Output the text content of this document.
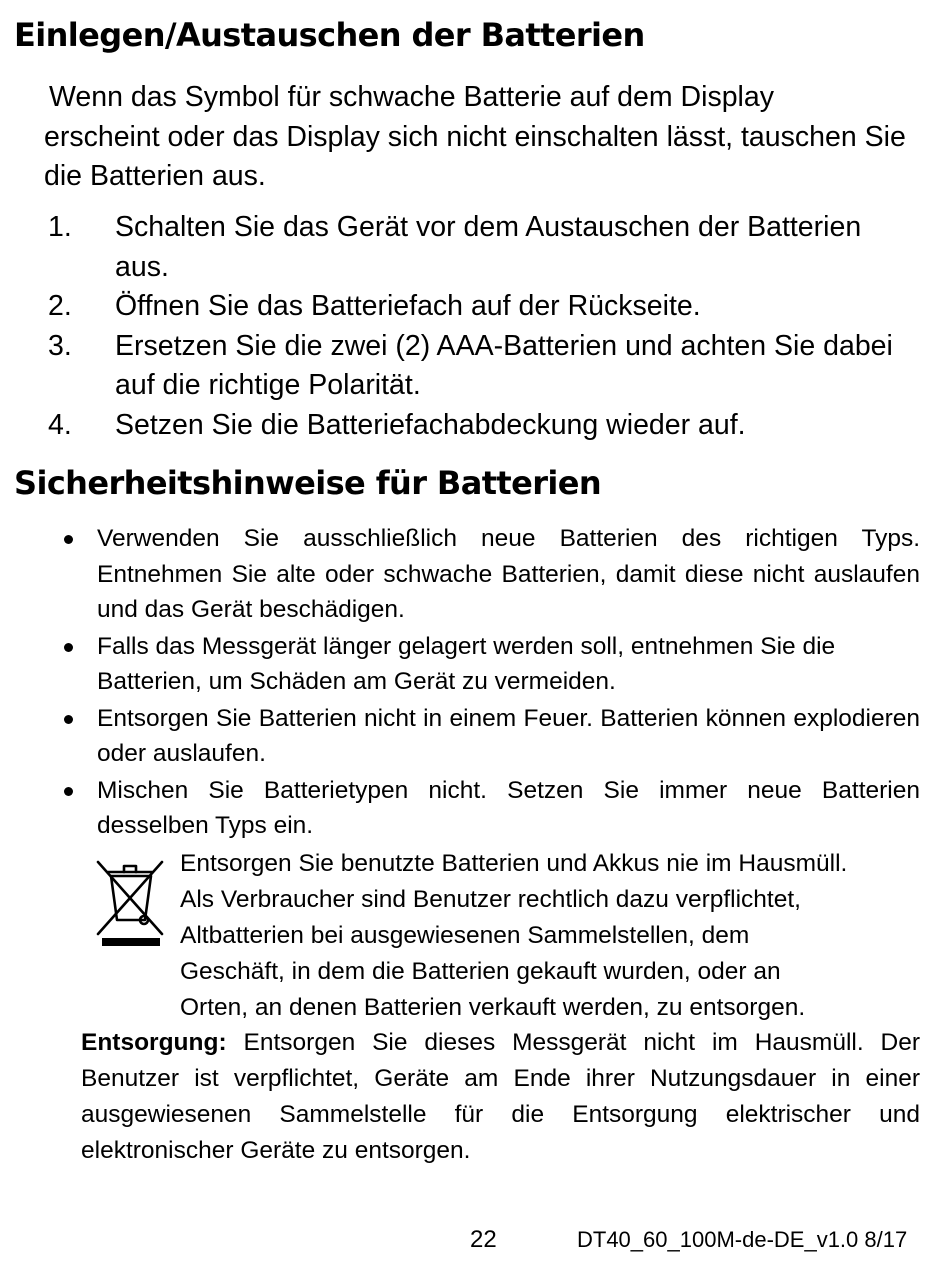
Einlegen/Austauschen der Batterien

Wenn das Symbol für schwache Batterie auf dem Display
erscheint oder das Display sich nicht einschalten lässt, tauschen Sie die Batterien aus.

1. Schalten Sie das Gerät vor dem Austauschen der Batterien aus.
2. Öffnen Sie das Batteriefach auf der Rückseite.
3. Ersetzen Sie die zwei (2) AAA-Batterien und achten Sie dabei auf die richtige Polarität.
4. Setzen Sie die Batteriefachabdeckung wieder auf.
Sicherheitshinweise für Batterien
Verwenden Sie ausschließlich neue Batterien des richtigen Typs. Entnehmen Sie alte oder schwache Batterien, damit diese nicht auslaufen und das Gerät beschädigen.
Falls das Messgerät länger gelagert werden soll, entnehmen Sie die Batterien, um Schäden am Gerät zu vermeiden.
Entsorgen Sie Batterien nicht in einem Feuer. Batterien können explodieren oder auslaufen.
Mischen Sie Batterietypen nicht. Setzen Sie immer neue Batterien desselben Typs ein.

Entsorgen Sie benutzte Batterien und Akkus nie im Hausmüll.
Als Verbraucher sind Benutzer rechtlich dazu verpflichtet,
Altbatterien bei ausgewiesenen Sammelstellen, dem
Geschäft, in dem die Batterien gekauft wurden, oder an
Orten, an denen Batterien verkauft werden, zu entsorgen.

Entsorgung: Entsorgen Sie dieses Messgerät nicht im Hausmüll. Der Benutzer ist verpflichtet, Geräte am Ende ihrer Nutzungsdauer in einer ausgewiesenen Sammelstelle für die Entsorgung elektrischer und elektronischer Geräte zu entsorgen.

22	DT40_60_100M-de-DE_v1.0 8/17
